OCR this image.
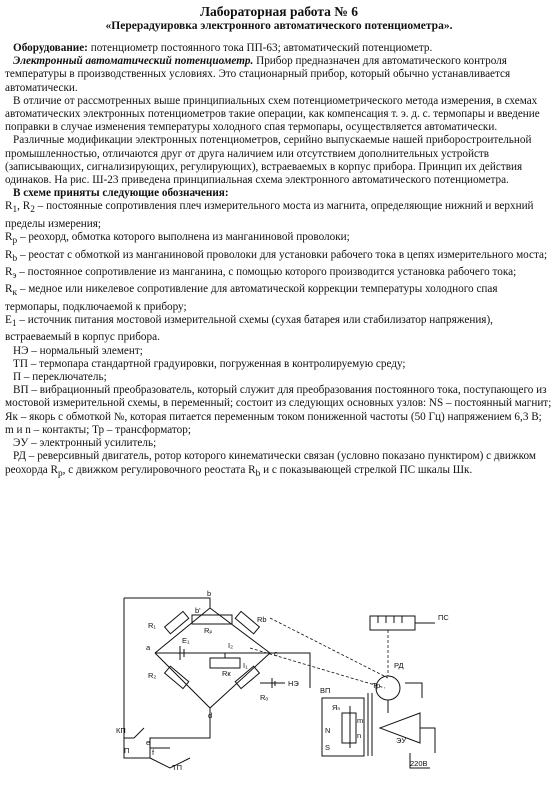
Лабораторная работа № 6
«Перерадуировка электронного автоматического потенциометра».

Оборудование: потенциометр постоянного тока ПП-63; автоматический потенциометр.

Электронный автоматический потенциометр. Прибор предназначен для автоматического контроля температуры в производственных условиях. Это стационарный прибор, который обычно устанавливается автоматически.

В отличие от рассмотренных выше принципиальных схем потенциометрического метода измерения, в схемах автоматических электронных потенциометров такие операции, как компенсация т. э. д. с. термопары и введение поправки в случае изменения температуры холодного спая термопары, осуществляется автоматически.

Различные модификации электронных потенциометров, серийно выпускаемые нашей приборостроительной промышленностью, отличаются друг от друга наличием или отсутствием дополнительных устройств (записывающих, сигнализирующих, регулирующих), встраеваемых в корпус прибора. Принцип их действия одинаков. На рис. Ш-23 приведена принципиальная схема электронного автоматического потенциометра.

В схеме приняты следующие обозначения:

$R_1$, $R_2$ – постоянные сопротивления плеч измерительного моста из магнита, определяющие нижний и верхний пределы измерения;

$R_p$ – реохорд, обмотка которого выполнена из манганиновой проволоки;

$R_b$ – реостат с обмоткой из манганиновой проволоки для установки рабочего тока в цепях измерительного моста;

$R_э$ – постоянное сопротивление из манганина, с помощью которого производится установка рабочего тока;

$R_к$ – медное или никелевое сопротивление для автоматической коррекции температуры холодного спая термопары, подключаемой к прибору;

$E_1$ – источник питания мостовой измерительной схемы (сухая батарея или стабилизатор напряжения), встраеваемый в корпус прибора.

НЭ – нормальный элемент;

ТП – термопара стандартной градуировки, погруженная в контролируемую среду;

П – переключатель;

ВП – вибрационный преобразователь, который служит для преобразования постоянного тока, поступающего из мостовой измерительной схемы, в переменный; состоит из следующих основных узлов: NS – постоянный магнит; Як – якорь с обмоткой №, которая питается переменным током пониженной частоты (50 Гц) напряжением 6,3 В; m и n – контакты; Тр – трансформатор;

ЭУ – электронный усилитель;

РД – реверсивный двигатель, ротор которого кинематически связан (условно показано пунктиром) с движком реохорда $R_p$, с движком регулировочного реостата $R_b$ и с показывающей стрелкой ПС шкалы Шк.

b
b'
R₁
Rₚ
Rb
E₁
I₂
a
c
I₁
Rк
R₂
d
Rₒ
НЭ
ВП
Яₙ
Тр
N
S
m
n
КП
e
П	f
ТП
ПС
РД
ЭУ
220В
